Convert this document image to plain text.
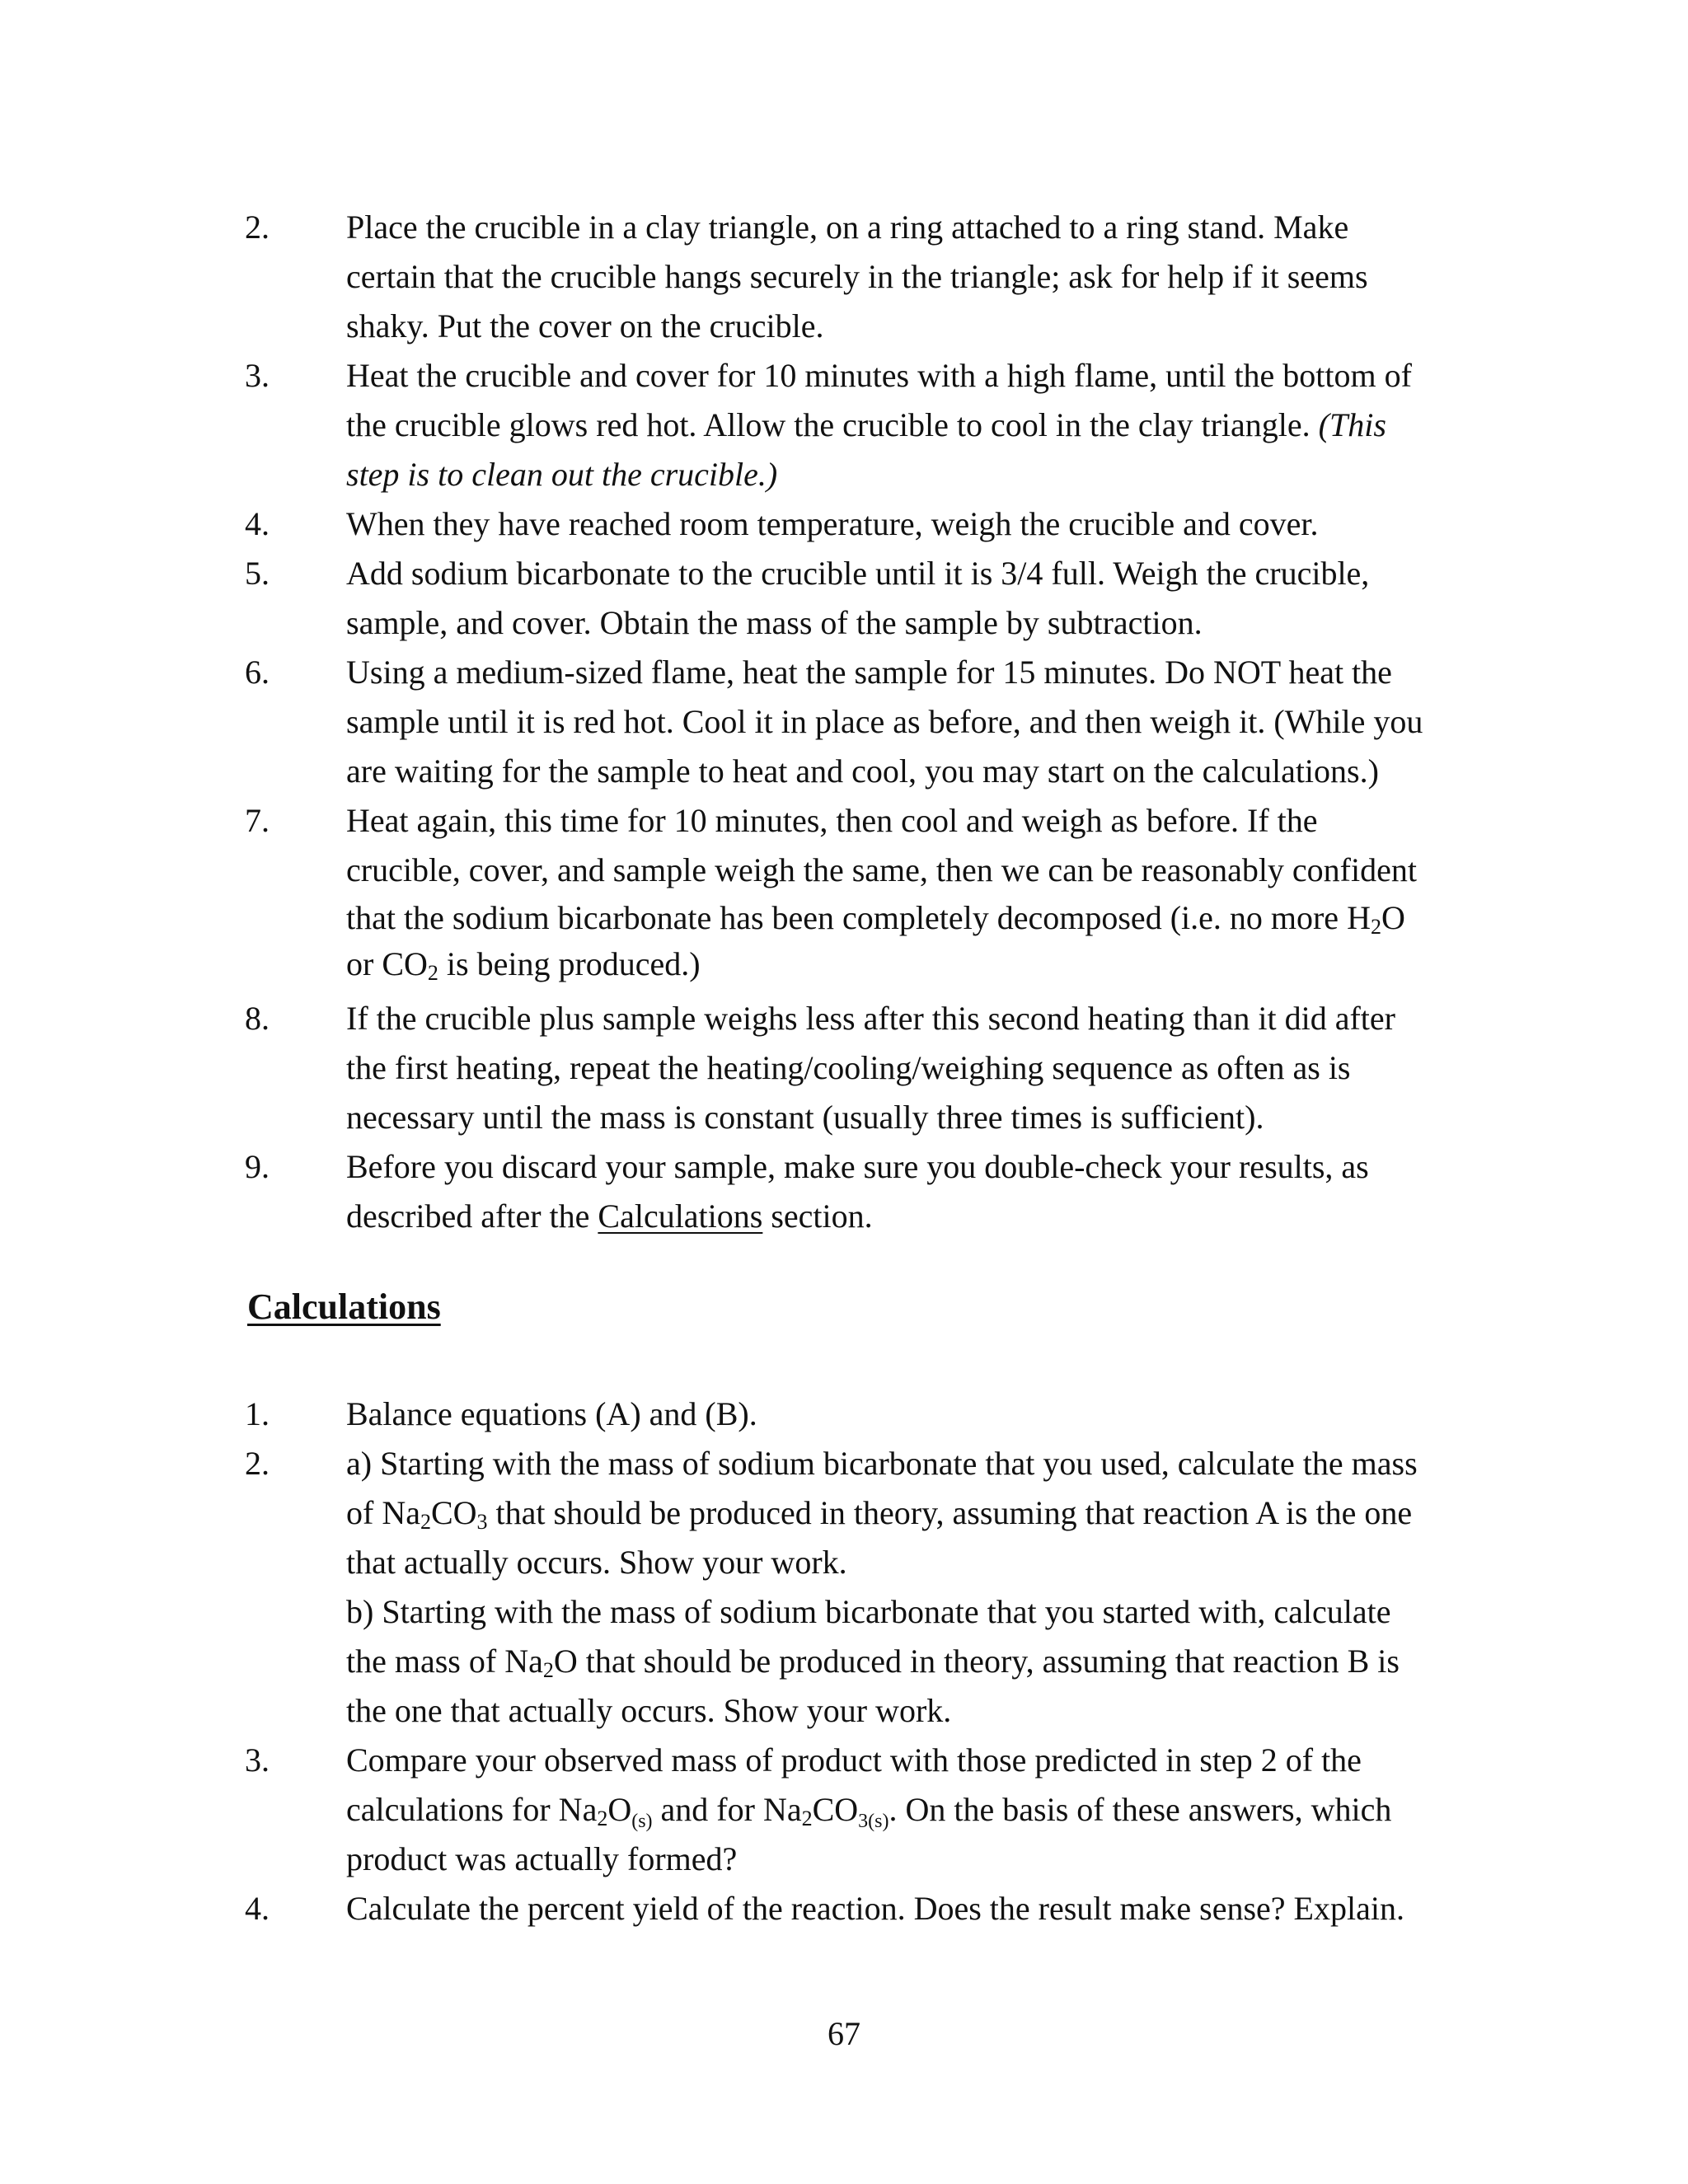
2. Place the crucible in a clay triangle, on a ring attached to a ring stand. Make
certain that the crucible hangs securely in the triangle; ask for help if it seems
shaky. Put the cover on the crucible.
3. Heat the crucible and cover for 10 minutes with a high flame, until the bottom of
the crucible glows red hot. Allow the crucible to cool in the clay triangle. (This
step is to clean out the crucible.)
4. When they have reached room temperature, weigh the crucible and cover.
5. Add sodium bicarbonate to the crucible until it is 3/4 full. Weigh the crucible,
sample, and cover. Obtain the mass of the sample by subtraction.
6. Using a medium-sized flame, heat the sample for 15 minutes. Do NOT heat the
sample until it is red hot. Cool it in place as before, and then weigh it. (While you
are waiting for the sample to heat and cool, you may start on the calculations.)
7. Heat again, this time for 10 minutes, then cool and weigh as before. If the
crucible, cover, and sample weigh the same, then we can be reasonably confident
that the sodium bicarbonate has been completely decomposed (i.e. no more $H_2O$
or $CO_2$ is being produced.)
8. If the crucible plus sample weighs less after this second heating than it did after
the first heating, repeat the heating/cooling/weighing sequence as often as is
necessary until the mass is constant (usually three times is sufficient).
9. Before you discard your sample, make sure you double-check your results, as
described after the Calculations section.
Calculations
1. Balance equations (A) and (B).
2. a) Starting with the mass of sodium bicarbonate that you used, calculate the mass
of $Na_2CO_3$ that should be produced in theory, assuming that reaction A is the one
that actually occurs. Show your work.
b) Starting with the mass of sodium bicarbonate that you started with, calculate
the mass of $Na_2O$ that should be produced in theory, assuming that reaction B is
the one that actually occurs. Show your work.
3. Compare your observed mass of product with those predicted in step 2 of the
calculations for $Na_2O_{(s)}$ and for $Na_2CO_{3(s)}$. On the basis of these answers, which
product was actually formed?
4. Calculate the percent yield of the reaction. Does the result make sense? Explain.
67
